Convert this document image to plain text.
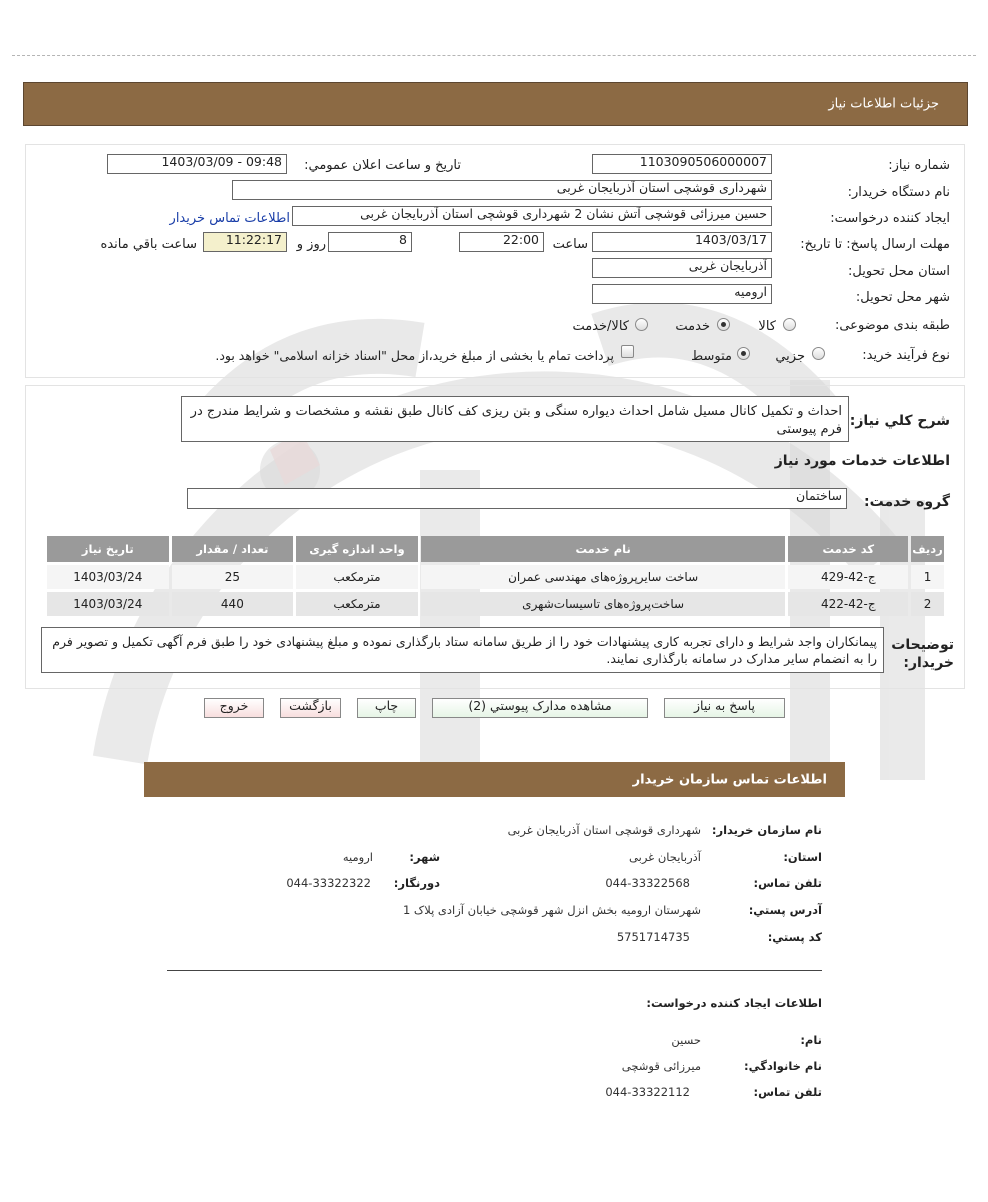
جزئيات اطلاعات نياز
شماره نياز:
1103090506000007
تاريخ و ساعت اعلان عمومي:
1403/03/09 - 09:48
نام دستگاه خريدار:
شهرداری قوشچی استان آذربایجان غربی
ايجاد کننده درخواست:
حسین میرزائی قوشچی آتش نشان 2 شهرداری قوشچی استان آذربایجان غربی
اطلاعات تماس خريدار
مهلت ارسال پاسخ: تا تاريخ:
1403/03/17
ساعت
22:00
8
روز و
11:22:17
ساعت باقي مانده
استان محل تحويل:
آذربایجان غربی
شهر محل تحويل:
ارومیه
طبقه بندی موضوعی:
کالا
خدمت
کالا/خدمت
نوع فرآيند خريد:
جزيي
متوسط
پرداخت تمام يا بخشی از مبلغ خريد،از محل "اسناد خزانه اسلامی" خواهد بود.
شرح کلي نياز:
احداث و تکمیل کانال مسیل شامل احداث دیواره سنگی و بتن ریزی کف کانال طبق نقشه و مشخصات و شرایط مندرج در فرم پیوستی
اطلاعات خدمات مورد نياز
گروه خدمت:
ساختمان
رديف	کد خدمت	نام خدمت	واحد اندازه گيری	تعداد / مقدار	تاريخ نياز
1	ج-42-429	ساخت سایرپروژه‌های مهندسی عمران	مترمکعب	25	1403/03/24
2	ج-42-422	ساخت‌پروژه‌های تاسیسات‌شهری	مترمکعب	440	1403/03/24
توضيحات خريدار:
پیمانکاران واجد شرایط و دارای تجربه کاری پیشنهادات خود را از طریق سامانه ستاد بارگذاری نموده و مبلغ پیشنهادی خود را طبق فرم آگهی تکمیل و تصویر فرم را به انضمام سایر مدارک در سامانه بارگذاری نمایند.
پاسخ به نياز
مشاهده مدارک پيوستي (2)
چاپ
بازگشت
خروج
اطلاعات تماس سازمان خريدار
نام سازمان خريدار:
شهرداری قوشچی استان آذربایجان غربی
استان:
آذربایجان غربی
شهر:
ارومیه
تلفن تماس:
044-33322568
دورنگار:
044-33322322
آدرس پستي:
شهرستان ارومیه بخش انزل شهر قوشچی خیابان آزادی پلاک 1
کد پستي:
5751714735
اطلاعات ايجاد کننده درخواست:
نام:
حسین
نام خانوادگي:
میرزائی قوشچی
تلفن تماس:
044-33322112
